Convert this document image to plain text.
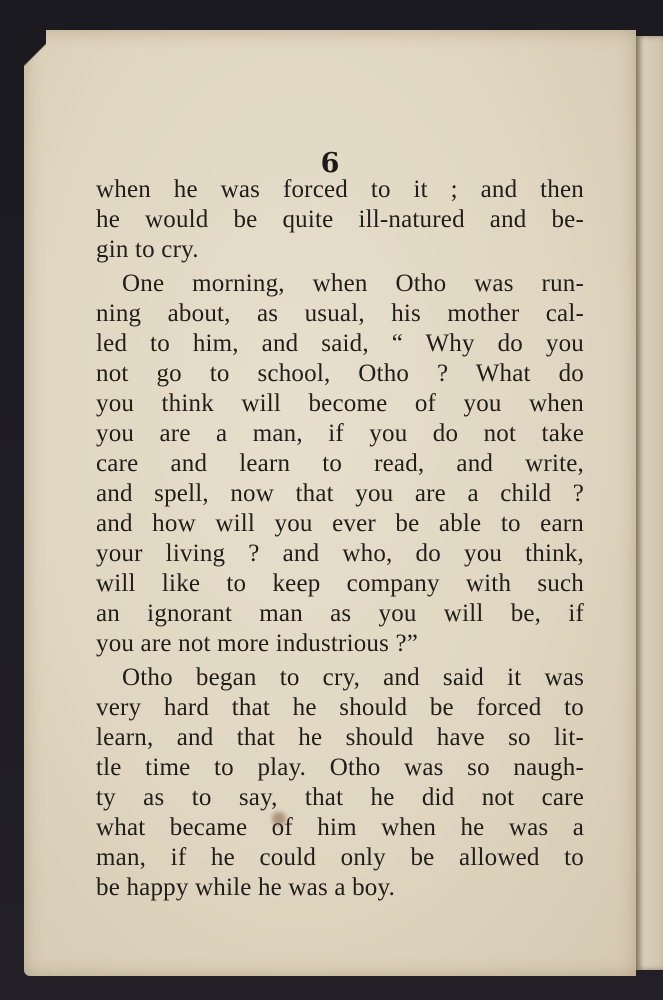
6
when he was forced to it ; and then
he would be quite ill-natured and be-
gin to cry.
One morning, when Otho was run-
ning about, as usual, his mother cal-
led to him, and said, “ Why do you
not go to school, Otho ? What do
you think will become of you when
you are a man, if you do not take
care and learn to read, and write,
and spell, now that you are a child ?
and how will you ever be able to earn
your living ? and who, do you think,
will like to keep company with such
an ignorant man as you will be, if
you are not more industrious ?”
Otho began to cry, and said it was
very hard that he should be forced to
learn, and that he should have so lit-
tle time to play. Otho was so naugh-
ty as to say, that he did not care
what became of him when he was a
man, if he could only be allowed to
be happy while he was a boy.
